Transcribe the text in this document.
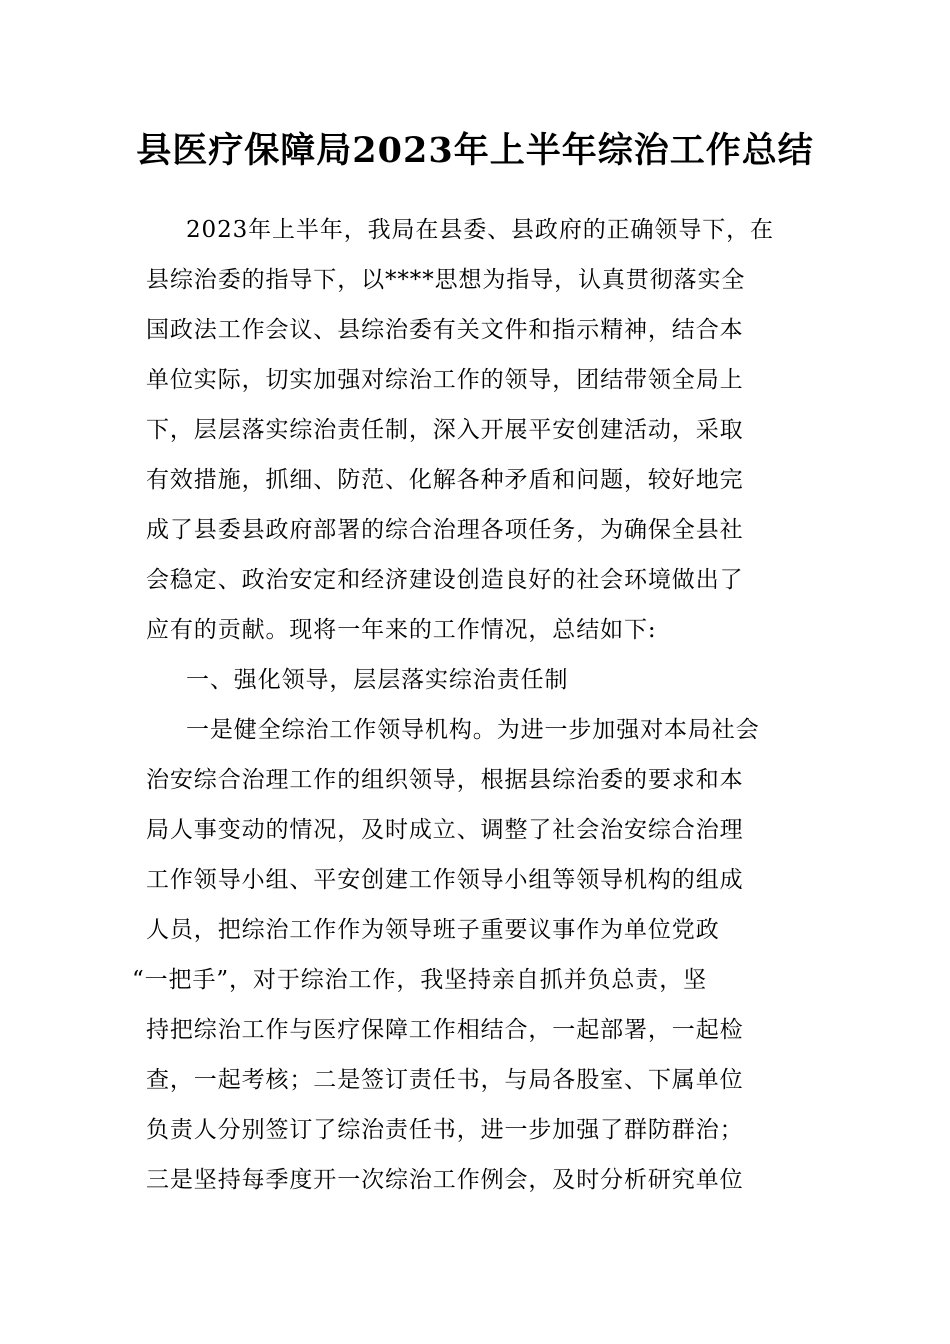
县医疗保障局2023年上半年综治工作总结
2023年上半年，我局在县委、县政府的正确领导下，在
县综治委的指导下，以****思想为指导，认真贯彻落实全
国政法工作会议、县综治委有关文件和指示精神，结合本
单位实际，切实加强对综治工作的领导，团结带领全局上
下，层层落实综治责任制，深入开展平安创建活动，采取
有效措施，抓细、防范、化解各种矛盾和问题，较好地完
成了县委县政府部署的综合治理各项任务，为确保全县社
会稳定、政治安定和经济建设创造良好的社会环境做出了
应有的贡献。现将一年来的工作情况，总结如下:
一、强化领导，层层落实综治责任制
一是健全综治工作领导机构。为进一步加强对本局社会
治安综合治理工作的组织领导，根据县综治委的要求和本
局人事变动的情况，及时成立、调整了社会治安综合治理
工作领导小组、平安创建工作领导小组等领导机构的组成
人员，把综治工作作为领导班子重要议事作为单位党政
“一把手”，对于综治工作，我坚持亲自抓并负总责，坚
持把综治工作与医疗保障工作相结合，一起部署，一起检
查，一起考核；二是签订责任书，与局各股室、下属单位
负责人分别签订了综治责任书，进一步加强了群防群治；
三是坚持每季度开一次综治工作例会，及时分析研究单位
